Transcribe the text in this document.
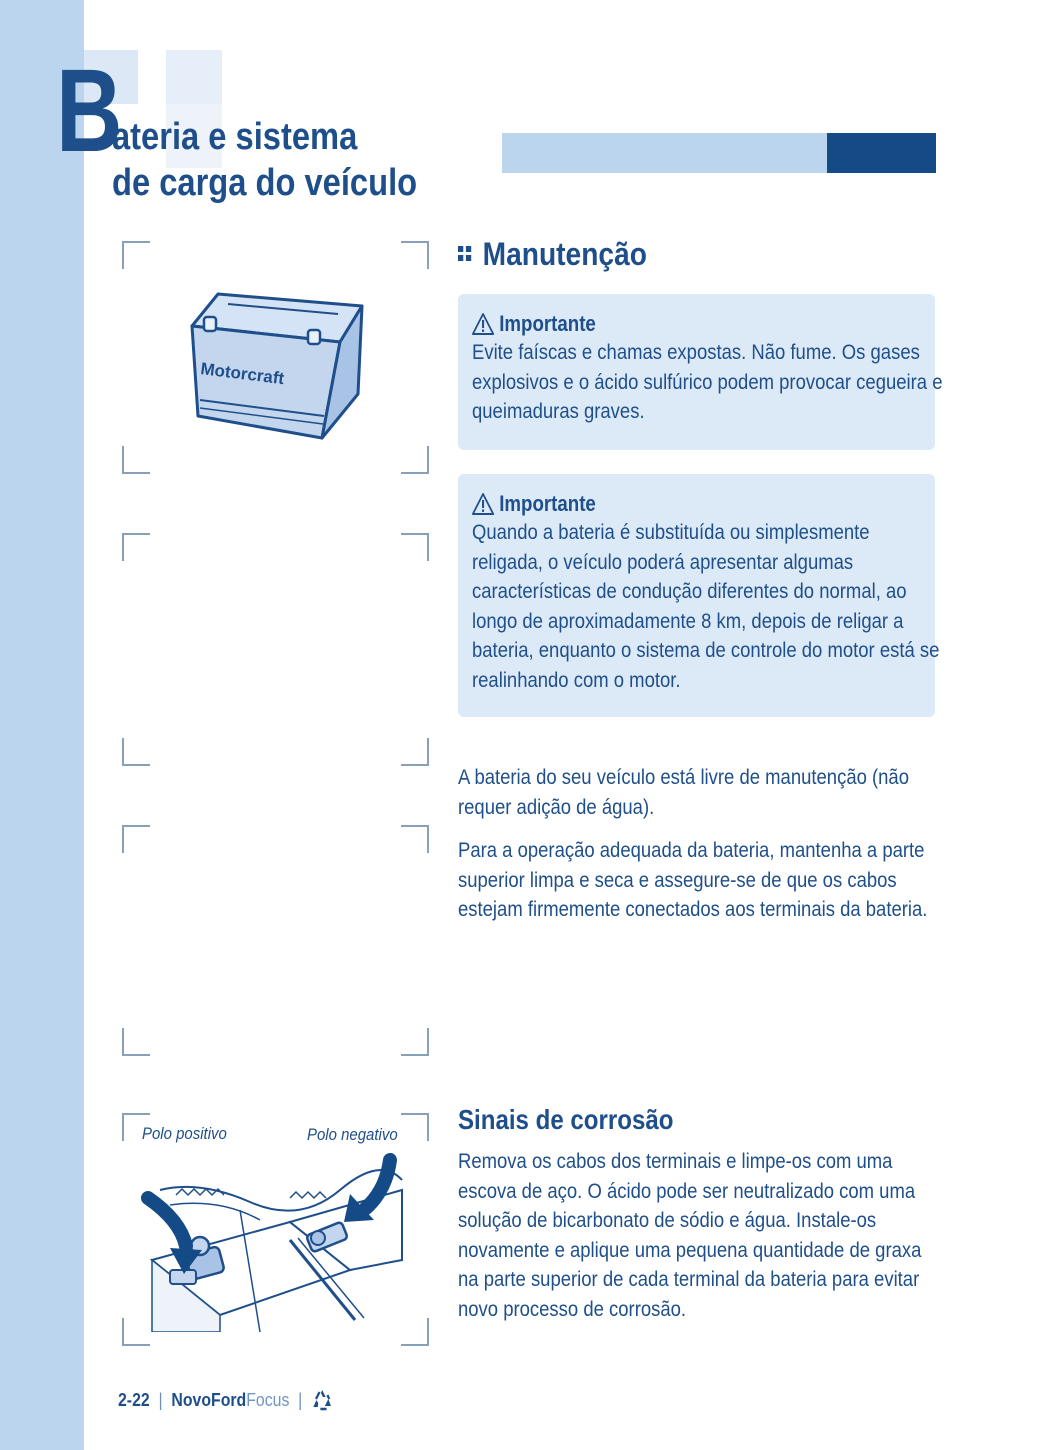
B
ateria e sistema
de carga do veículo
Motorcraft
Polo positivo	Polo negativo
Manutenção
Importante
Evite faíscas e chamas expostas. Não fume. Os gases explosivos e o ácido sulfúrico podem provocar cegueira e queimaduras graves.
Importante
Quando a bateria é substituída ou simplesmente religada, o veículo poderá apresentar algumas características de condução diferentes do normal, ao longo de aproximadamente 8 km, depois de religar a bateria, enquanto o sistema de controle do motor está se realinhando com o motor.
A bateria do seu veículo está livre de manutenção (não requer adição de água).
Para a operação adequada da bateria, mantenha a parte superior limpa e seca e assegure-se de que os cabos estejam firmemente conectados aos terminais da bateria.
Sinais de corrosão
Remova os cabos dos terminais e limpe-os com uma escova de aço. O ácido pode ser neutralizado com uma solução de bicarbonato de sódio e água. Instale-os novamente e aplique uma pequena quantidade de graxa na parte superior de cada terminal da bateria para evitar novo processo de corrosão.
2-22 | NovoFord Focus |
